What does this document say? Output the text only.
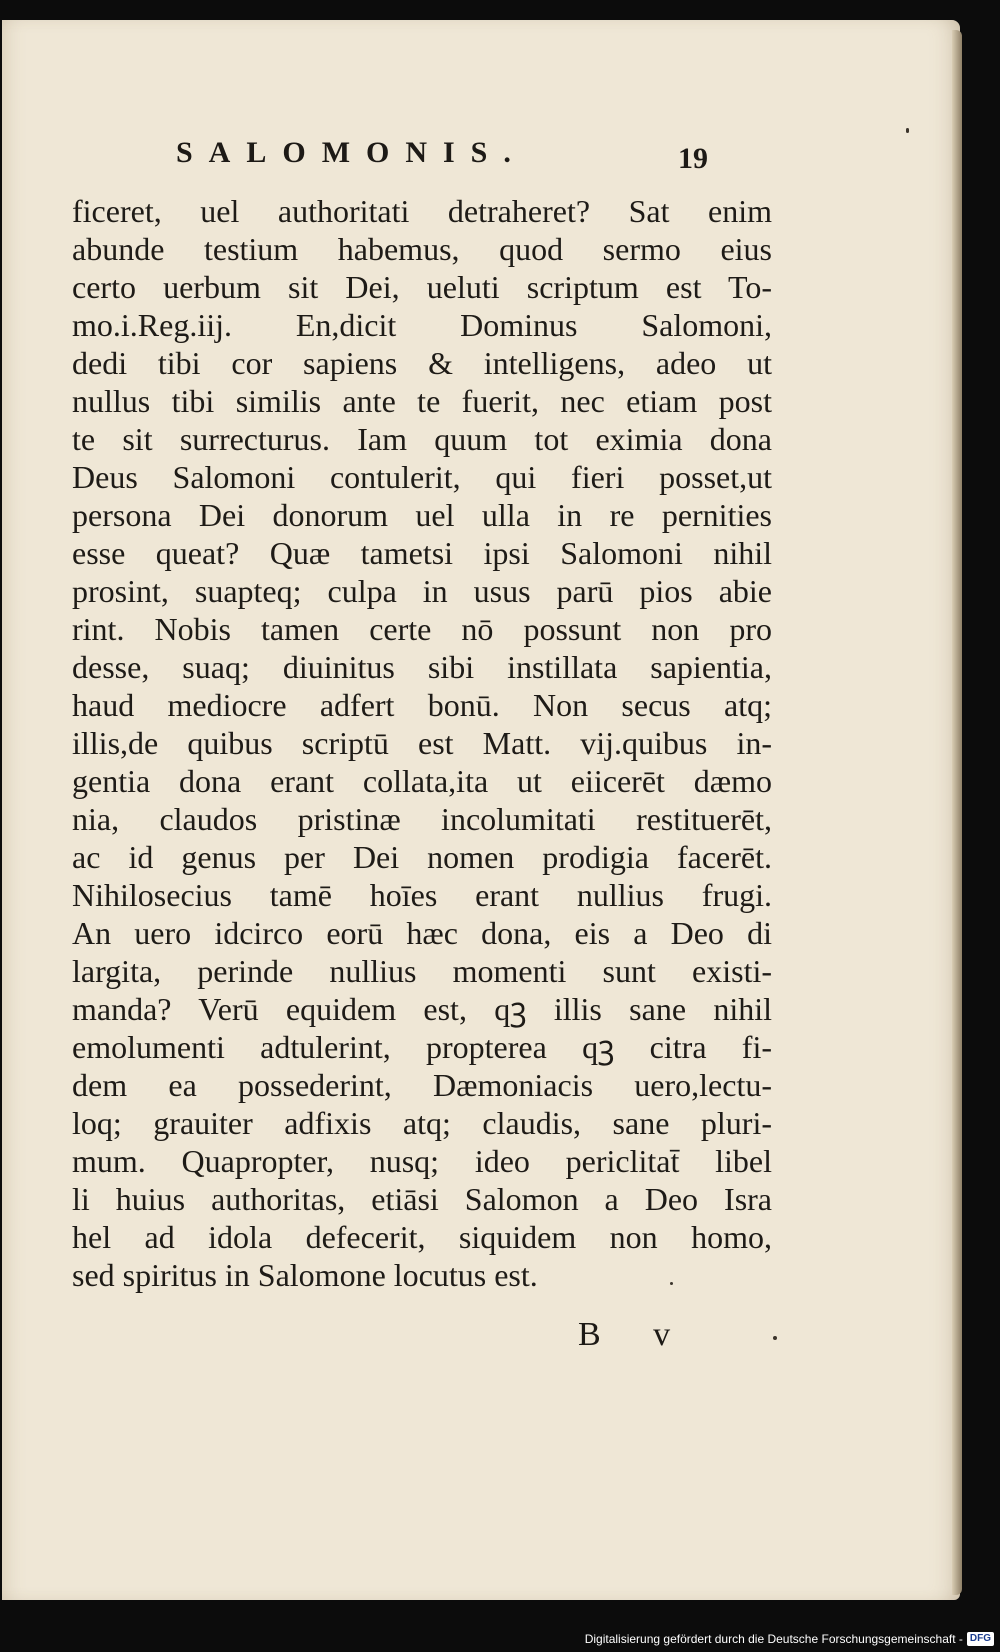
SALOMONIS.	19
ficeret, uel authoritati detraheret? Sat enim
abunde testium habemus, quod sermo eius
certo uerbum sit Dei, ueluti scriptum est To-
mo.i.Reg.iij. En,dicit Dominus Salomoni,
dedi tibi cor sapiens & intelligens, adeo ut
nullus tibi similis ante te fuerit, nec etiam post
te sit surrecturus. Iam quum tot eximia dona
Deus Salomoni contulerit, qui fieri posset,ut
persona Dei donorum uel ulla in re pernities
esse queat? Quæ tametsi ipsi Salomoni nihil
prosint, suapteq; culpa in usus parū pios abie
rint. Nobis tamen certe nō possunt non pro
desse, suaq; diuinitus sibi instillata sapientia,
haud mediocre adfert bonū. Non secus atq;
illis,de quibus scriptū est Matt. vij.quibus in-
gentia dona erant collata,ita ut eiicerēt dæmo
nia, claudos pristinæ incolumitati restituerēt,
ac id genus per Dei nomen prodigia facerēt.
Nihilosecius tamē hoīes erant nullius frugi.
An uero idcirco eorū hæc dona, eis a Deo di
largita, perinde nullius momenti sunt existi-
manda? Verū equidem est, qꝫ illis sane nihil
emolumenti adtulerint, propterea qꝫ citra fi-
dem ea possederint, Dæmoniacis uero,lectu-
loq; grauiter adfixis atq; claudis, sane pluri-
mum. Quapropter, nusq; ideo periclitat̄ libel
li huius authoritas, etiāsi Salomon a Deo Isra
hel ad idola defecerit, siquidem non homo,
sed spiritus in Salomone locutus est.
B v
Digitalisierung gefördert durch die Deutsche Forschungsgemeinschaft - DFG
